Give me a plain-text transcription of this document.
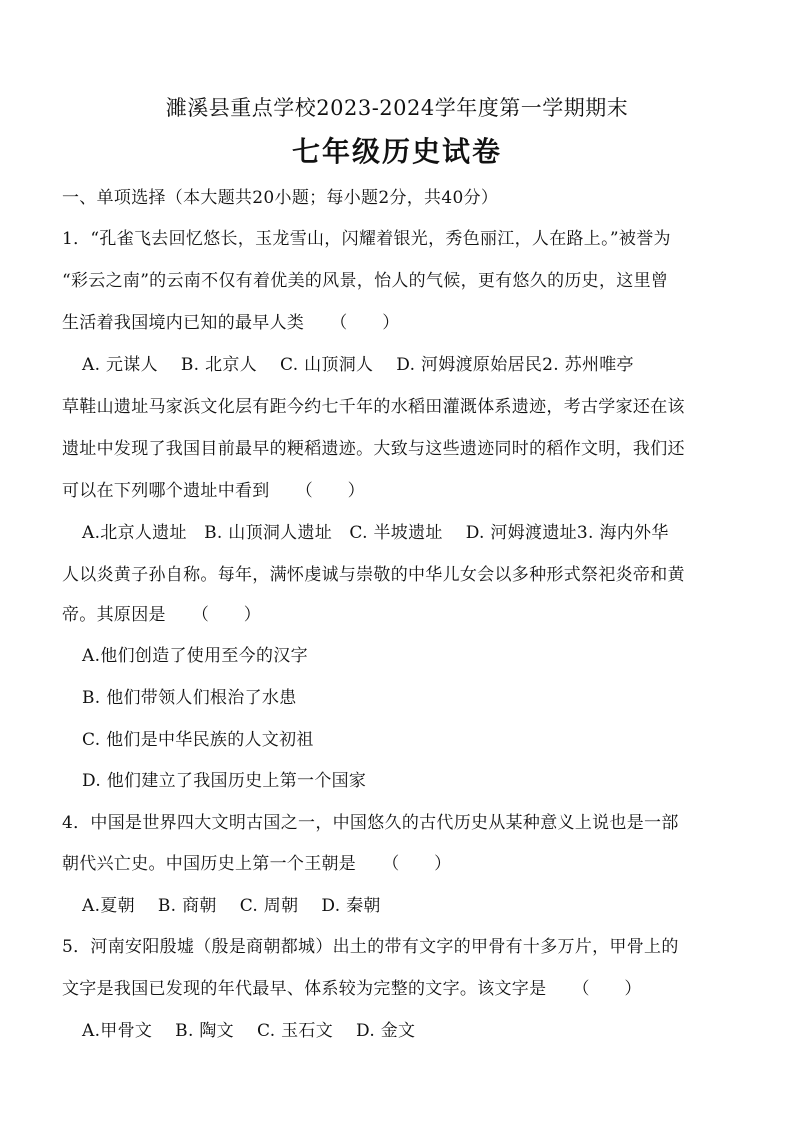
濉溪县重点学校2023-2024学年度第一学期期末
七年级历史试卷
一、单项选择（本大题共20小题；每小题2分，共40分）
1．“孔雀飞去回忆悠长，玉龙雪山，闪耀着银光，秀色丽江，人在路上。”被誉为
“彩云之南”的云南不仅有着优美的风景，怡人的气候，更有悠久的历史，这里曾
生活着我国境内已知的最早人类　　（　　）
A. 元谋人　 B. 北京人　 C. 山顶洞人　 D. 河姆渡原始居民2. 苏州唯亭
草鞋山遗址马家浜文化层有距今约七千年的水稻田灌溉体系遗迹，考古学家还在该
遗址中发现了我国目前最早的粳稻遗迹。大致与这些遗迹同时的稻作文明，我们还
可以在下列哪个遗址中看到　　（　　）
A.北京人遗址　B. 山顶洞人遗址　C. 半坡遗址　 D. 河姆渡遗址3. 海内外华
人以炎黄子孙自称。每年，满怀虔诚与崇敬的中华儿女会以多种形式祭祀炎帝和黄
帝。其原因是　　（　　）
A.他们创造了使用至今的汉字
B. 他们带领人们根治了水患
C. 他们是中华民族的人文初祖
D. 他们建立了我国历史上第一个国家
4．中国是世界四大文明古国之一，中国悠久的古代历史从某种意义上说也是一部
朝代兴亡史。中国历史上第一个王朝是　　（　　）
A.夏朝　 B. 商朝　 C. 周朝　 D. 秦朝
5．河南安阳殷墟（殷是商朝都城）出土的带有文字的甲骨有十多万片，甲骨上的
文字是我国已发现的年代最早、体系较为完整的文字。该文字是　　（　　）
A.甲骨文　 B. 陶文　 C. 玉石文　 D. 金文
